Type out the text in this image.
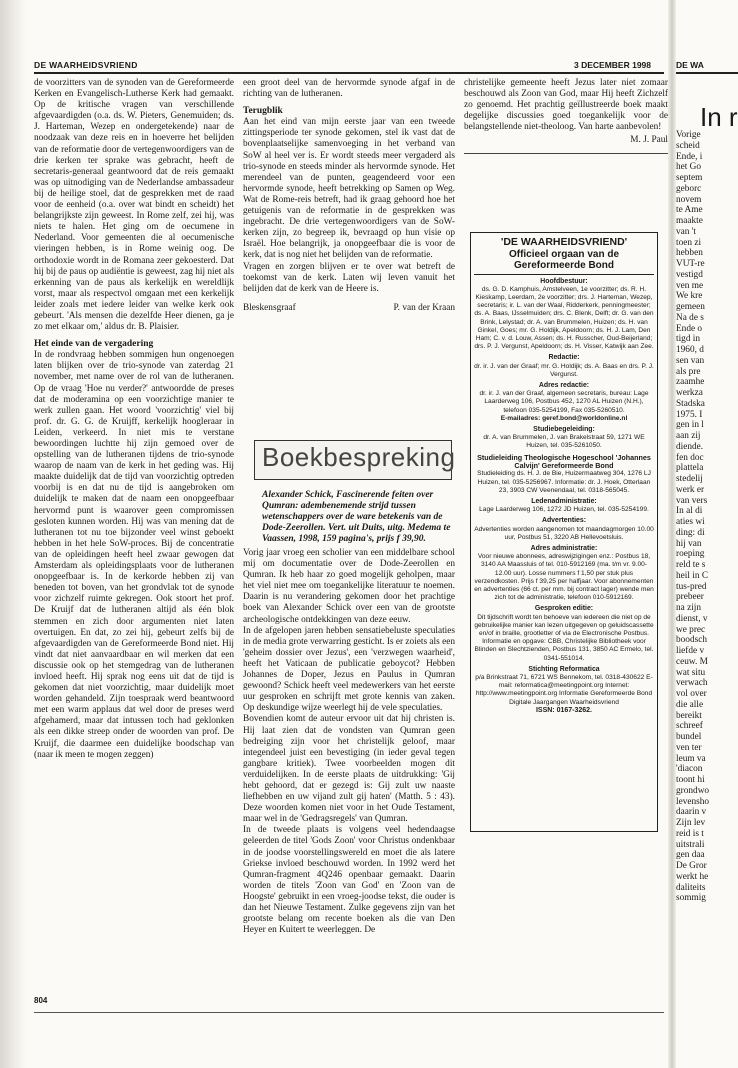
DE WAARHEIDSVRIEND	3 DECEMBER 1998	DE WA

de voorzitters van de synoden van de Gereformeerde Kerken en Evangelisch-Lutherse Kerk had gemaakt. Op de kritische vragen van verschillende afgevaardigden (o.a. ds. W. Pieters, Genemuiden; ds. J. Harteman, Wezep en ondergetekende) naar de noodzaak van deze reis en in hoeverre het belijden van de reformatie door de vertegenwoordigers van de drie kerken ter sprake was gebracht, heeft de secretaris-generaal geantwoord dat de reis gemaakt was op uitnodiging van de Nederlandse ambassadeur bij de heilige stoel, dat de gesprekken met de raad voor de eenheid (o.a. over wat bindt en scheidt) het belangrijkste zijn geweest. In Rome zelf, zei hij, was niets te halen. Het ging om de oecumene in Nederland. Voor gemeenten die al oecumenische vieringen hebben, is in Rome weinig oog. De orthodoxie wordt in de Romana zeer gekoesterd. Dat hij bij de paus op audiëntie is geweest, zag hij niet als erkenning van de paus als kerkelijk en wereldlijk vorst, maar als respectvol omgaan met een kerkelijk leider zoals met iedere leider van welke kerk ook gebeurt. 'Als mensen die dezelfde Heer dienen, ga je zo met elkaar om,' aldus dr. B. Plaisier.

Het einde van de vergadering

In de rondvraag hebben sommigen hun ongenoegen laten blijken over de trio-synode van zaterdag 21 november, met name over de rol van de lutheranen. Op de vraag 'Hoe nu verder?' antwoordde de preses dat de moderamina op een voorzichtige manier te werk zullen gaan. Het woord 'voorzichtig' viel bij prof. dr. G. G. de Kruijff, kerkelijk hoogleraar in Leiden, verkeerd. In niet mis te verstane bewoordingen luchtte hij zijn gemoed over de opstelling van de lutheranen tijdens de trio-synode waarop de naam van de kerk in het geding was. Hij maakte duidelijk dat de tijd van voorzichtig optreden voorbij is en dat nu de tijd is aangebroken om duidelijk te maken dat de naam een onopgeefbaar hervormd punt is waarover geen compromissen gesloten kunnen worden. Hij was van mening dat de lutheranen tot nu toe bijzonder veel winst geboekt hebben in het hele SoW-proces. Bij de concentratie van de opleidingen heeft heel zwaar gewogen dat Amsterdam als opleidingsplaats voor de lutheranen onopgeefbaar is. In de kerkorde hebben zij van beneden tot boven, van het grondvlak tot de synode voor zichzelf ruimte gekregen. Ook stoort het prof. De Kruijf dat de lutheranen altijd als één blok stemmen en zich door argumenten niet laten overtuigen. En dat, zo zei hij, gebeurt zelfs bij de afgevaardigden van de Gereformeerde Bond niet. Hij vindt dat niet aanvaardbaar en wil merken dat een discussie ook op het stemgedrag van de lutheranen invloed heeft. Hij sprak nog eens uit dat de tijd is gekomen dat niet voorzichtig, maar duidelijk moet worden gehandeld. Zijn toespraak werd beantwoord met een warm applaus dat wel door de preses werd afgehamerd, maar dat intussen toch had geklonken als een dikke streep onder de woorden van prof. De Kruijf, die daarmee een duidelijke boodschap van (naar ik meen te mogen zeggen)

een groot deel van de hervormde synode afgaf in de richting van de lutheranen.

Terugblik

Aan het eind van mijn eerste jaar van een tweede zittingsperiode ter synode gekomen, stel ik vast dat de bovenplaatselijke samenvoeging in het verband van SoW al heel ver is. Er wordt steeds meer vergaderd als trio-synode en steeds minder als hervormde synode. Het merendeel van de punten, geagendeerd voor een hervormde synode, heeft betrekking op Samen op Weg. Wat de Rome-reis betreft, had ik graag gehoord hoe het getuigenis van de reformatie in de gesprekken was ingebracht. De drie vertegenwoordigers van de SoW-kerken zijn, zo begreep ik, bevraagd op hun visie op Israël. Hoe belangrijk, ja onopgeefbaar die is voor de kerk, dat is nog niet het belijden van de reformatie.

Vragen en zorgen blijven er te over wat betreft de toekomst van de kerk. Laten wij leven vanuit het belijden dat de kerk van de Heere is.

Bleskensgraaf	P. van der Kraan
Boekbespreking
Alexander Schick, Fascinerende feiten over Qumran: adembenemende strijd tussen wetenschappers over de ware betekenis van de Dode-Zeerollen. Vert. uit Duits, uitg. Medema te Vaassen, 1998, 159 pagina's, prijs f 39,90.

Vorig jaar vroeg een scholier van een middelbare school mij om documentatie over de Dode-Zeerollen en Qumran. Ik heb haar zo goed mogelijk geholpen, maar het viel niet mee om toegankelijke literatuur te noemen. Daarin is nu verandering gekomen door het prachtige boek van Alexander Schick over een van de grootste archeologische ontdekkingen van deze eeuw.

In de afgelopen jaren hebben sensatiebeluste speculaties in de media grote verwarring gesticht. Is er zoiets als een 'geheim dossier over Jezus', een 'verzwegen waarheid', heeft het Vaticaan de publicatie geboycot? Hebben Johannes de Doper, Jezus en Paulus in Qumran gewoond? Schick heeft veel medewerkers van het eerste uur gesproken en schrijft met grote kennis van zaken. Op deskundige wijze weerlegt hij de vele speculaties.

Bovendien komt de auteur ervoor uit dat hij christen is. Hij laat zien dat de vondsten van Qumran geen bedreiging zijn voor het christelijk geloof, maar integendeel juist een bevestiging (in ieder geval tegen gangbare kritiek). Twee voorbeelden mogen dit verduidelijken. In de eerste plaats de uitdrukking: 'Gij hebt gehoord, dat er gezegd is: Gij zult uw naaste liefhebben en uw vijand zult gij haten' (Matth. 5 : 43). Deze woorden komen niet voor in het Oude Testament, maar wel in de 'Gedragsregels' van Qumran.

In de tweede plaats is volgens veel hedendaagse geleerden de titel 'Gods Zoon' voor Christus ondenkbaar in de joodse voorstellingswereld en moet die als latere Griekse invloed beschouwd worden. In 1992 werd het Qumran-fragment 4Q246 openbaar gemaakt. Daarin worden de titels 'Zoon van God' en 'Zoon van de Hoogste' gebruikt in een vroeg-joodse tekst, die ouder is dan het Nieuwe Testament. Zulke gegevens zijn van het grootste belang om recente boeken als die van Den Heyer en Kuitert te weerleggen. De

christelijke gemeente heeft Jezus later niet zomaar beschouwd als Zoon van God, maar Hij heeft Zichzelf zo genoemd. Het prachtig geïllustreerde boek maakt degelijke discussies goed toegankelijk voor de belangstellende niet-theoloog. Van harte aanbevolen!

M. J. Paul
'DE WAARHEIDSVRIEND'
Officieel orgaan van de Gereformeerde Bond
Hoofdbestuur:

ds. G. D. Kamphuis, Amstelveen, 1e voorzitter; ds. R. H. Kieskamp, Leerdam, 2e voorzitter; drs. J. Harteman, Wezep, secretaris; ir. L. van der Waal, Ridderkerk, penningmeester; ds. A. Baas, IJsselmuiden; drs. C. Blenk, Delft; dr. G. van den Brink, Lelystad; dr. A. van Brummelen, Huizen; ds. H. van Ginkel, Goes; mr. G. Holdijk, Apeldoorn; ds. H. J. Lam, Den Ham; C. v. d. Louw, Assen; ds. H. Russcher, Oud-Beijerland; drs. P. J. Vergunst, Apeldoorn; ds. H. Visser, Katwijk aan Zee.

Redactie:

dr. ir. J. van der Graaf; mr. G. Holdijk; ds. A. Baas en drs. P. J. Vergunst.

Adres redactie:

dr. ir. J. van der Graaf, algemeen secretaris, bureau: Lage Laarderweg 106, Postbus 452, 1270 AL Huizen (N.H.), telefoon 035-5254199, Fax 035-5260510.

E-mailadres: geref.bond@worldonline.nl

Studiebegeleiding:

dr. A. van Brummelen, J. van Brakelstraat 59, 1271 WE Huizen, tel. 035-5261050.

Studieleiding Theologische Hogeschool 'Johannes Calvijn' Gereformeerde Bond

Studieleiding ds. H. J. de Bie, Huizermaatweg 304, 1276 LJ Huizen, tel. 035-5256967. Informatie: dr. J. Hoek, Otterlaan 23, 3903 CW Veenendaal, tel. 0318-565045.

Ledenadministratie:

Lage Laarderweg 106, 1272 JD Huizen, tel. 035-5254199.

Advertenties:

Advertenties worden aangenomen tot maandagmorgen 10.00 uur, Postbus 51, 3220 AB Hellevoetsluis.

Adres administratie:

Voor nieuwe abonnees, adreswijzigingen enz.: Postbus 18, 3140 AA Maassluis of tel. 010-5912169 (ma. t/m vr. 9.00-12.00 uur). Losse nummers f 1,50 per stuk plus verzendkosten. Prijs f 39,25 per halfjaar. Voor abonnementen en advertenties (66 ct. per mm. bij contract lager) wende men zich tot de administratie, telefoon 010-5912169.

Gesproken editie:

Dit tijdschrift wordt ten behoeve van iedereen die niet op de gebruikelijke manier kan lezen uitgegeven op geluidscassette en/of in braille, grootletter of via de Electronische Postbus. Informatie en opgave: CBB, Christelijke Bibliotheek voor Blinden en Slechtzienden, Postbus 131, 3850 AC Ermelo, tel. 0341-551014.

Stichting Reformatica

p/a Brinkstraat 71, 6721 WS Bennekom, tel. 0318-430622 E-mail: reformatica@meetingpoint.org Internet: http://www.meetingpoint.org Informatie Gereformeerde Bond Digitale Jaargangen Waarheidsvriend

ISSN: 0167-3262.

804
In r
Vorige
scheid
Ende, i
het Go
septem
geborc
novem
te Ame
maakte
van 't
toen zi
hebben
VUT-re
vestigd
ven me
We kre
gemeen
Na de s
Ende o
tigd in
1960, d
sen van
als pre
zaamhe
werkza
Stadska
1975. I
gen in l
aan zij
diende.
fen doc
plattela
stedelij
werk er
van vers
In al di
aties wi
ding: di
hij van
roeping
reld te s
heil in C
tus-pred
prebeer
na zijn
dienst, v
we prec
boodsch
liefde v
ceuw. M
wat situ
verwach
vol over
die alle
bereikt
schreef
bundel
ven ter
leum va
'diacon
toont hi
grondwo
levensho
daarin v
Zijn lev
reid is t
uitstrali
gen daa
De Gror
werkt he
daliteits
sommig
